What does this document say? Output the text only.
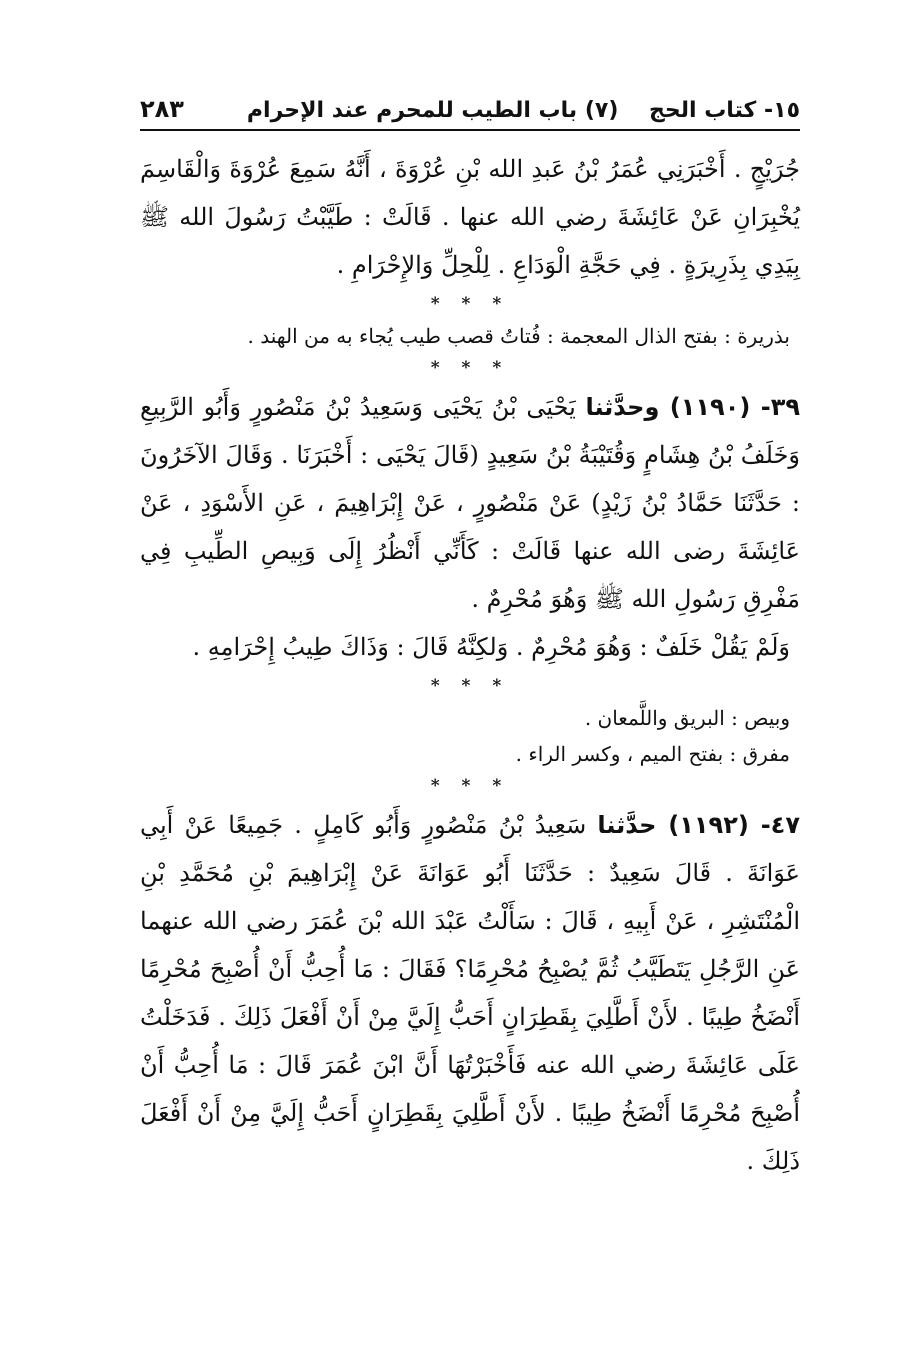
١٥- كتاب الحج    (٧) باب الطيب للمحرم عند الإحرام
٢٨٣

جُرَيْجٍ . أَخْبَرَنِي عُمَرُ بْنُ عَبدِ الله بْنِ عُرْوَةَ ، أَنَّهُ سَمِعَ عُرْوَةَ وَالْقَاسِمَ يُخْبِرَانِ عَنْ عَائِشَةَ رضي الله عنها . قَالَتْ : طَيَّبْتُ رَسُولَ الله ﷺ بِيَدِي بِذَرِيرَةٍ . فِي حَجَّةِ الْوَدَاعِ . لِلْحِلِّ وَالإِحْرَامِ .

* * *
بذريرة : بفتح الذال المعجمة : فُتاتُ قصب طيب يُجاء به من الهند .
* * *

٣٩- (١١٩٠) وحدَّثنا يَحْيَى بْنُ يَحْيَى وَسَعِيدُ بْنُ مَنْصُورٍ وَأَبُو الرَّبِيعِ وَخَلَفُ بْنُ هِشَامٍ وَقُتَيْبَةُ بْنُ سَعِيدٍ (قَالَ يَحْيَى : أَخْبَرَنَا . وَقَالَ الآخَرُونَ : حَدَّثَنَا حَمَّادُ بْنُ زَيْدٍ) عَنْ مَنْصُورٍ ، عَنْ إِبْرَاهِيمَ ، عَنِ الأَسْوَدِ ، عَنْ عَائِشَةَ رضى الله عنها قَالَتْ : كَأَنِّي أَنْظُرُ إِلَى وَبِيصِ الطِّيبِ فِي مَفْرِقِ رَسُولِ الله ﷺ وَهُوَ مُحْرِمٌ .

وَلَمْ يَقُلْ خَلَفٌ : وَهُوَ مُحْرِمٌ . وَلكِنَّهُ قَالَ : وَذَاكَ طِيبُ إِحْرَامِهِ .

* * *
وبيص : البريق واللَّمعان .
مفرق : بفتح الميم ، وكسر الراء .
* * *

٤٧- (١١٩٢) حدَّثنا سَعِيدُ بْنُ مَنْصُورٍ وَأَبُو كَامِلٍ . جَمِيعًا عَنْ أَبِي عَوَانَةَ . قَالَ سَعِيدٌ : حَدَّثَنَا أَبُو عَوَانَةَ عَنْ إِبْرَاهِيمَ بْنِ مُحَمَّدِ بْنِ الْمُنْتَشِرِ ، عَنْ أَبِيهِ ، قَالَ : سَأَلْتُ عَبْدَ الله بْنَ عُمَرَ رضي الله عنهما عَنِ الرَّجُلِ يَتَطَيَّبُ ثُمَّ يُصْبِحُ مُحْرِمًا؟ فَقَالَ : مَا أُحِبُّ أَنْ أُصْبِحَ مُحْرِمًا أَنْضَخُ طِيبًا . لأَنْ أَطَّلِيَ بِقَطِرَانٍ أَحَبُّ إِلَيَّ مِنْ أَنْ أَفْعَلَ ذَلِكَ . فَدَخَلْتُ عَلَى عَائِشَةَ رضي الله عنه فَأَخْبَرْتُهَا أَنَّ ابْنَ عُمَرَ قَالَ : مَا أُحِبُّ أَنْ أُصْبِحَ مُحْرِمًا أَنْضَخُ طِيبًا . لأَنْ أَطَّلِيَ بِقَطِرَانٍ أَحَبُّ إِلَيَّ مِنْ أَنْ أَفْعَلَ ذَلِكَ .
